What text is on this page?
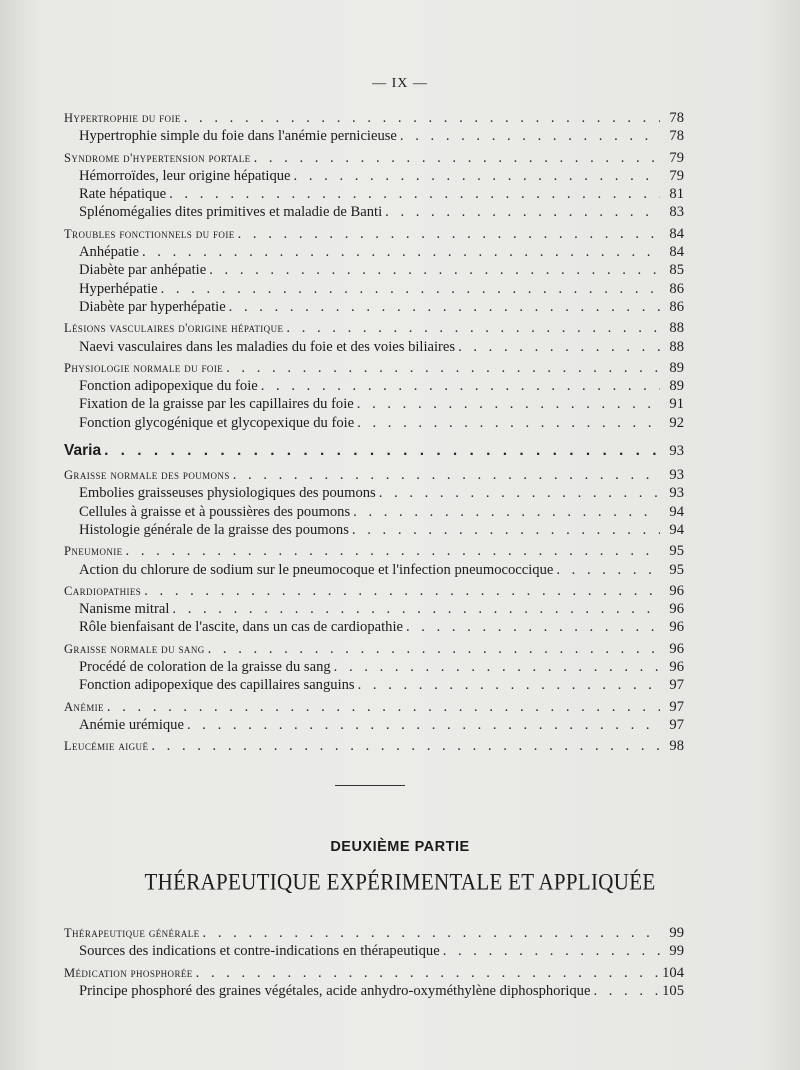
— IX —
Hypertrophie du foie . . .	78
Hypertrophie simple du foie dans l'anémie pernicieuse . . .	78
Syndrome d'hypertension portale . . .	79
Hémorroïdes, leur origine hépatique . . .	79
Rate hépatique . . .	81
Splénomégalies dites primitives et maladie de Banti . . .	83
Troubles fonctionnels du foie . . .	84
Anhépatie . . .	84
Diabète par anhépatie . . .	85
Hyperhépatie . . .	86
Diabète par hyperhépatie . . .	86
Lésions vasculaires d'origine hépatique . . .	88
Naevi vasculaires dans les maladies du foie et des voies biliaires . . .	88
Physiologie normale du foie . . .	89
Fonction adipopexique du foie . . .	89
Fixation de la graisse par les capillaires du foie . . .	91
Fonction glycogénique et glycopexique du foie . . .	92
Varia . . .	93
Graisse normale des poumons . . .	93
Embolies graisseuses physiologiques des poumons . . .	93
Cellules à graisse et à poussières des poumons . . .	94
Histologie générale de la graisse des poumons . . .	94
Pneumonie . . .	95
Action du chlorure de sodium sur le pneumocoque et l'infection pneumococcique . . .	95
Cardiopathies . . .	96
Nanisme mitral . . .	96
Rôle bienfaisant de l'ascite, dans un cas de cardiopathie . . .	96
Graisse normale du sang . . .	96
Procédé de coloration de la graisse du sang . . .	96
Fonction adipopexique des capillaires sanguins . . .	97
Anémie . . .	97
Anémie urémique . . .	97
Leucémie aiguë . . .	98
DEUXIÈME PARTIE
THÉRAPEUTIQUE EXPÉRIMENTALE ET APPLIQUÉE
Thérapeutique générale . . .	99
Sources des indications et contre-indications en thérapeutique . . .	99
Médication phosphorée . . .	104
Principe phosphoré des graines végétales, acide anhydro-oxyméthylène diphosphorique . . .	105
